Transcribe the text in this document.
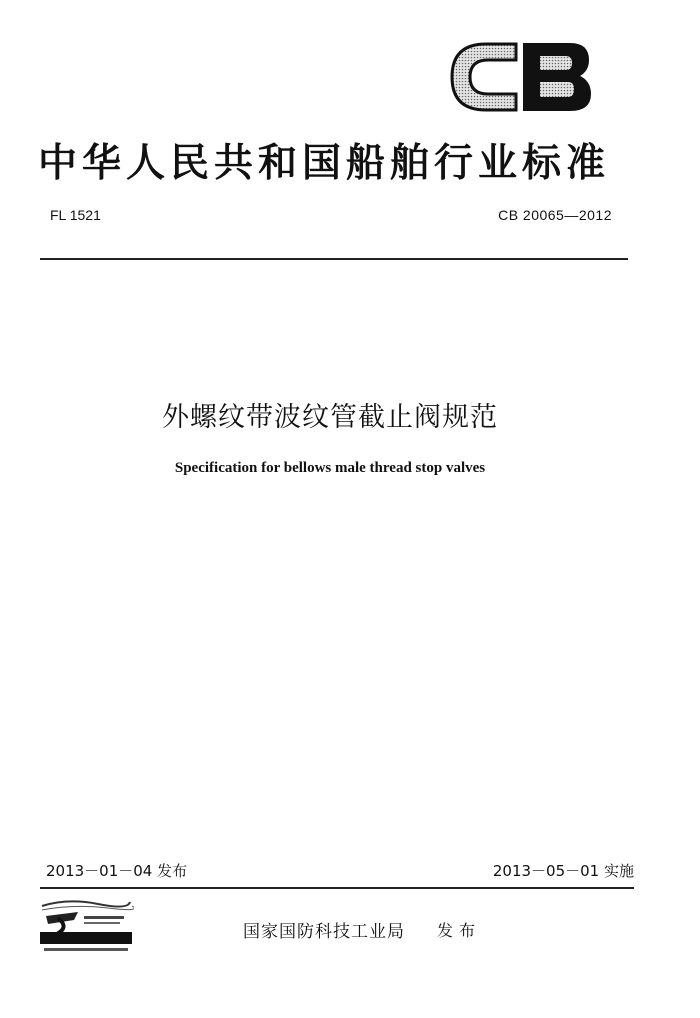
中华人民共和国船舶行业标准
FL 1521	CB 20065—2012
外螺纹带波纹管截止阀规范
Specification for bellows male thread stop valves
2013－01－04 发布	2013－05－01 实施
国家国防科技工业局 发布
